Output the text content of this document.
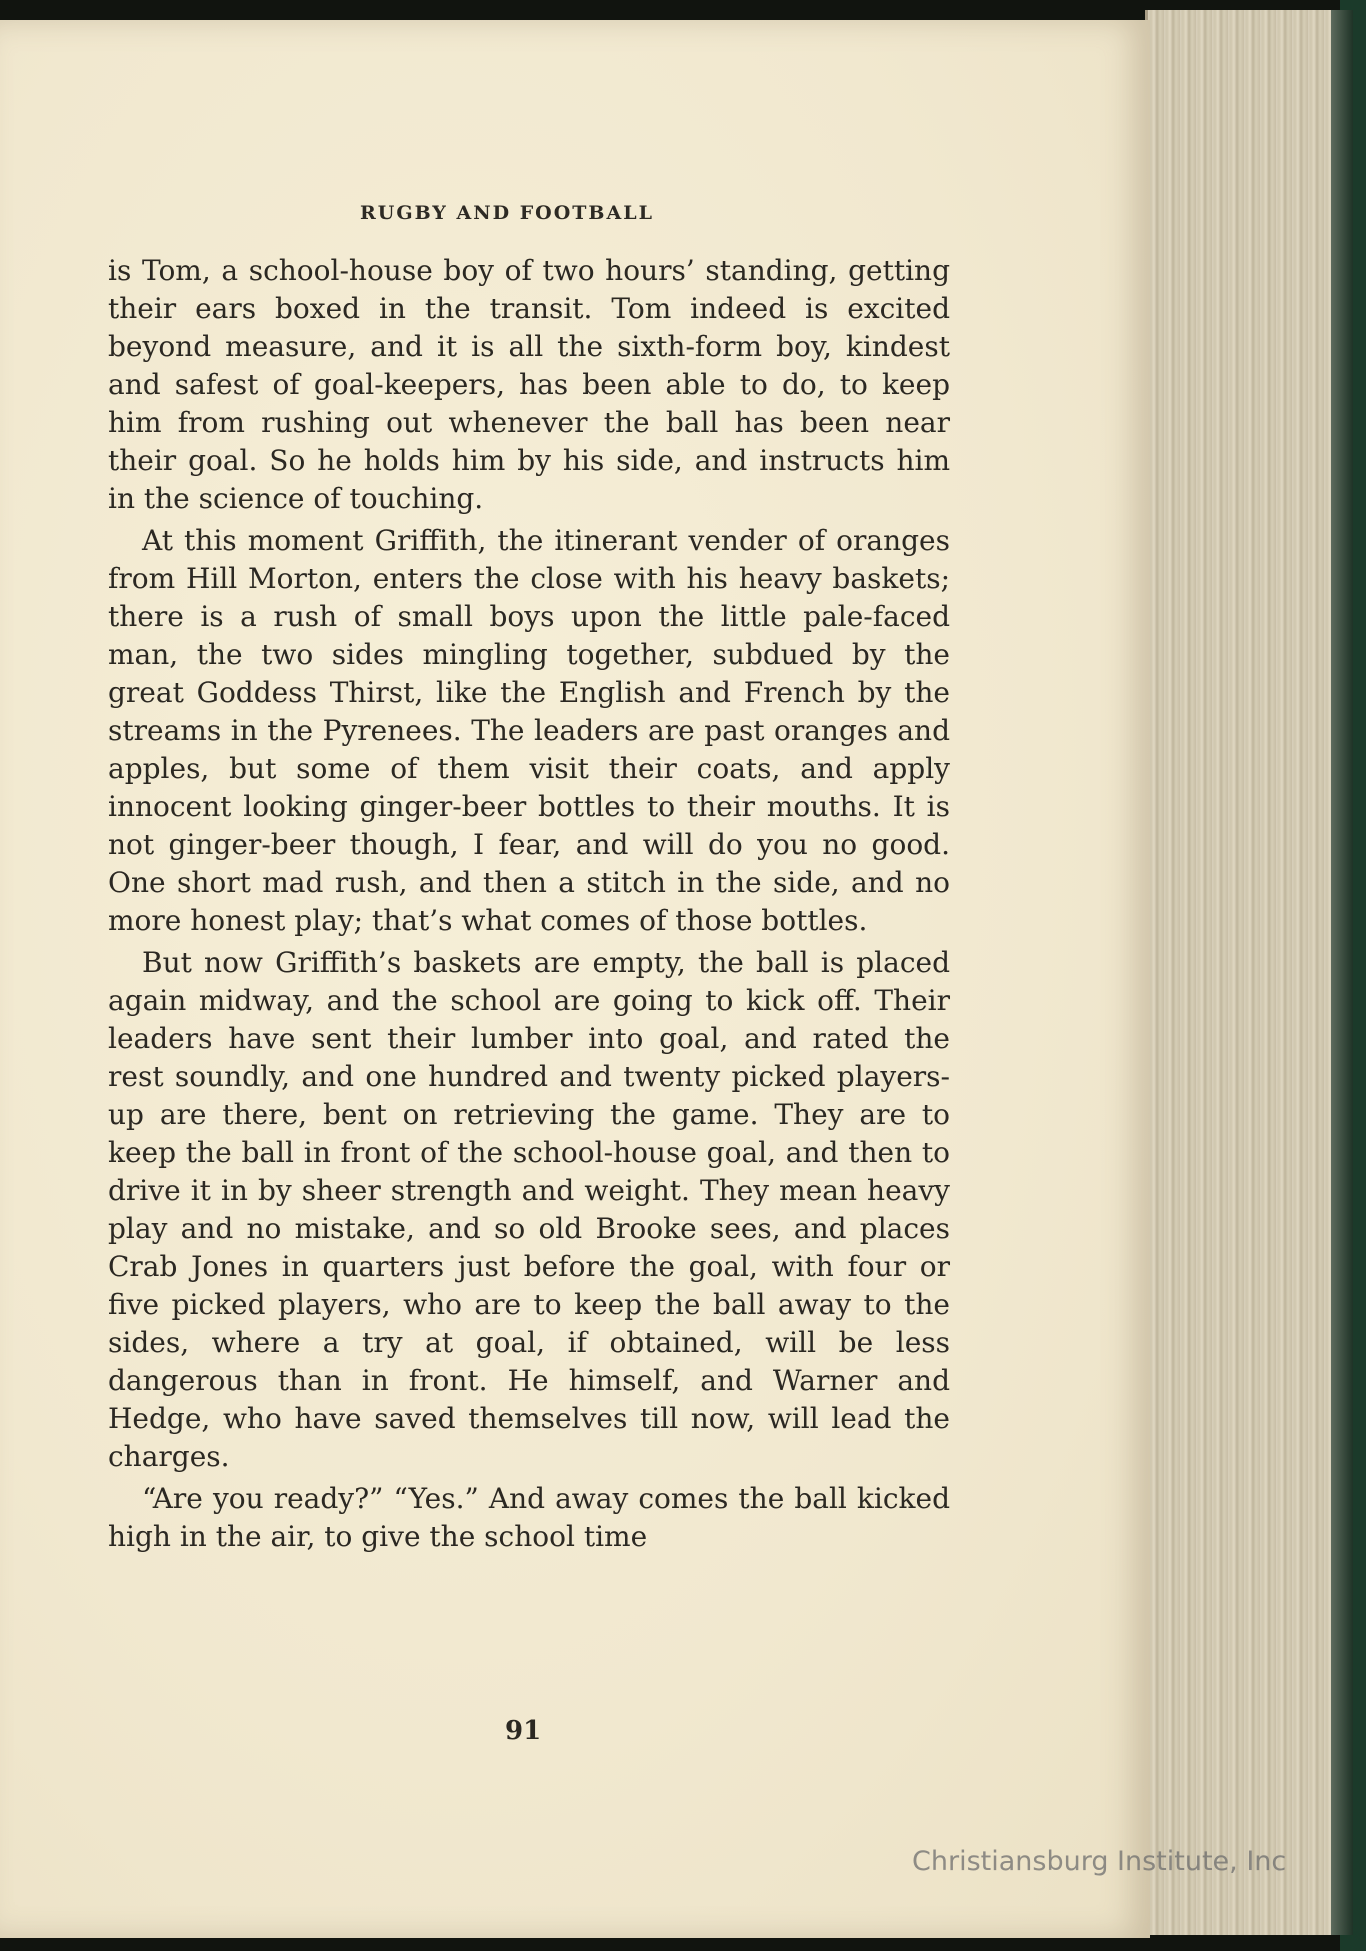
RUGBY AND FOOTBALL

is Tom, a school-house boy of two hours’ standing, getting their ears boxed in the transit. Tom indeed is excited beyond measure, and it is all the sixth-form boy, kindest and safest of goal-keepers, has been able to do, to keep him from rushing out whenever the ball has been near their goal. So he holds him by his side, and instructs him in the science of touching.

At this moment Griffith, the itinerant vender of oranges from Hill Morton, enters the close with his heavy baskets; there is a rush of small boys upon the little pale-faced man, the two sides mingling together, subdued by the great Goddess Thirst, like the English and French by the streams in the Pyrenees. The leaders are past oranges and apples, but some of them visit their coats, and apply innocent looking ginger-beer bottles to their mouths. It is not ginger-beer though, I fear, and will do you no good. One short mad rush, and then a stitch in the side, and no more honest play; that’s what comes of those bottles.

But now Griffith’s baskets are empty, the ball is placed again midway, and the school are going to kick off. Their leaders have sent their lumber into goal, and rated the rest soundly, and one hundred and twenty picked players-up are there, bent on retrieving the game. They are to keep the ball in front of the school-house goal, and then to drive it in by sheer strength and weight. They mean heavy play and no mistake, and so old Brooke sees, and places Crab Jones in quarters just before the goal, with four or five picked players, who are to keep the ball away to the sides, where a try at goal, if obtained, will be less dangerous than in front. He himself, and Warner and Hedge, who have saved themselves till now, will lead the charges.

“Are you ready?” “Yes.” And away comes the ball kicked high in the air, to give the school time

91
Christiansburg Institute, Inc
